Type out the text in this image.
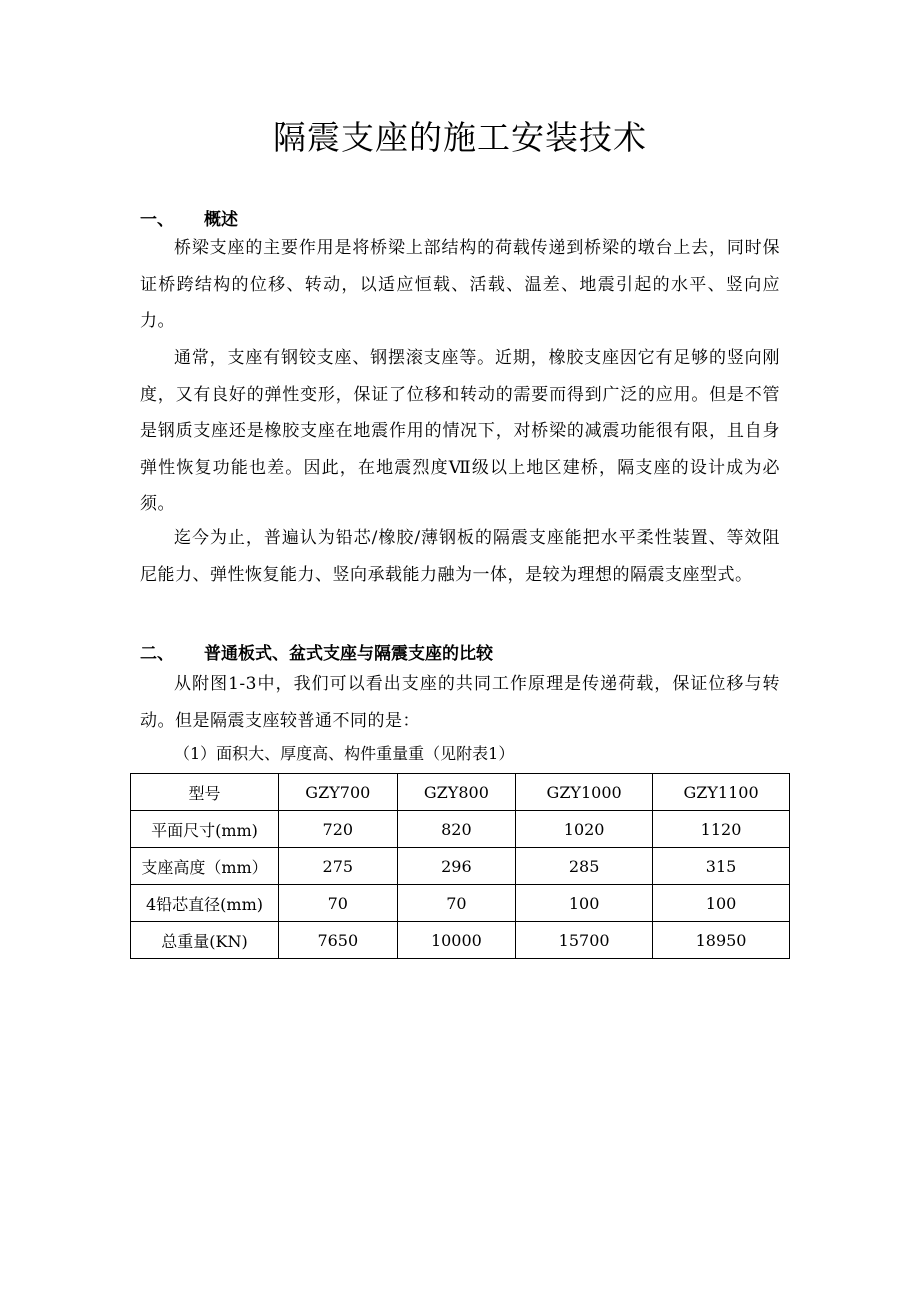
隔震支座的施工安装技术
一、 概述

桥梁支座的主要作用是将桥梁上部结构的荷载传递到桥梁的墩台上去，同时保证桥跨结构的位移、转动，以适应恒载、活载、温差、地震引起的水平、竖向应力。

通常，支座有钢铰支座、钢摆滚支座等。近期，橡胶支座因它有足够的竖向刚度，又有良好的弹性变形，保证了位移和转动的需要而得到广泛的应用。但是不管是钢质支座还是橡胶支座在地震作用的情况下，对桥梁的减震功能很有限，且自身弹性恢复功能也差。因此，在地震烈度Ⅶ级以上地区建桥，隔支座的设计成为必须。

迄今为止，普遍认为铅芯/橡胶/薄钢板的隔震支座能把水平柔性装置、等效阻尼能力、弹性恢复能力、竖向承载能力融为一体，是较为理想的隔震支座型式。

二、 普通板式、盆式支座与隔震支座的比较

从附图1-3中，我们可以看出支座的共同工作原理是传递荷载，保证位移与转动。但是隔震支座较普通不同的是：

（1）面积大、厚度高、构件重量重（见附表1）

型号	GZY700	GZY800	GZY1000	GZY1100
平面尺寸(mm)	720	820	1020	1120
支座高度（mm）	275	296	285	315
4铅芯直径(mm)	70	70	100	100
总重量(KN)	7650	10000	15700	18950
